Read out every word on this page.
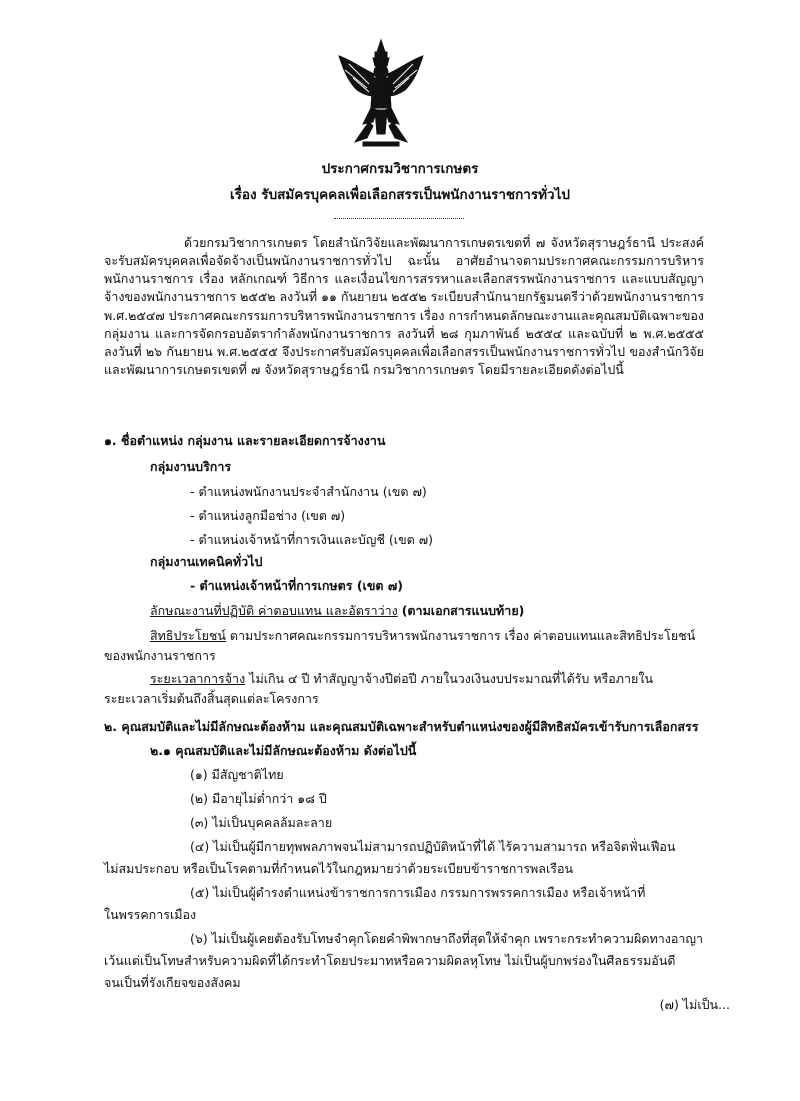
ประกาศกรมวิชาการเกษตร
เรื่อง รับสมัครบุคคลเพื่อเลือกสรรเป็นพนักงานราชการทั่วไป

ด้วยกรมวิชาการเกษตร โดยสำนักวิจัยและพัฒนาการเกษตรเขตที่ ๗ จังหวัดสุราษฎร์ธานี ประสงค์จะรับสมัครบุคคลเพื่อจัดจ้างเป็นพนักงานราชการทั่วไป ฉะนั้น อาศัยอำนาจตามประกาศคณะกรรมการบริหารพนักงานราชการ เรื่อง หลักเกณฑ์ วิธีการ และเงื่อนไขการสรรหาและเลือกสรรพนักงานราชการ และแบบสัญญาจ้างของพนักงานราชการ ๒๕๕๒ ลงวันที่ ๑๑ กันยายน ๒๕๕๒ ระเบียบสำนักนายกรัฐมนตรีว่าด้วยพนักงานราชการ พ.ศ.๒๕๔๗ ประกาศคณะกรรมการบริหารพนักงานราชการ เรื่อง การกำหนดลักษณะงานและคุณสมบัติเฉพาะของกลุ่มงาน และการจัดกรอบอัตรากำลังพนักงานราชการ ลงวันที่ ๒๘ กุมภาพันธ์ ๒๕๕๔ และฉบับที่ ๒ พ.ศ.๒๕๕๕ ลงวันที่ ๒๖ กันยายน พ.ศ.๒๕๕๕ จึงประกาศรับสมัครบุคคลเพื่อเลือกสรรเป็นพนักงานราชการทั่วไป ของสำนักวิจัยและพัฒนาการเกษตรเขตที่ ๗ จังหวัดสุราษฎร์ธานี กรมวิชาการเกษตร โดยมีรายละเอียดดังต่อไปนี้

๑. ชื่อตำแหน่ง กลุ่มงาน และรายละเอียดการจ้างงาน
กลุ่มงานบริการ
- ตำแหน่งพนักงานประจำสำนักงาน (เขต ๗)
- ตำแหน่งลูกมือช่าง (เขต ๗)
- ตำแหน่งเจ้าหน้าที่การเงินและบัญชี (เขต ๗)
กลุ่มงานเทคนิคทั่วไป
- ตำแหน่งเจ้าหน้าที่การเกษตร (เขต ๗)
ลักษณะงานที่ปฏิบัติ ค่าตอบแทน และอัตราว่าง (ตามเอกสารแนบท้าย)
สิทธิประโยชน์ ตามประกาศคณะกรรมการบริหารพนักงานราชการ เรื่อง ค่าตอบแทนและสิทธิประโยชน์
ของพนักงานราชการ
ระยะเวลาการจ้าง ไม่เกิน ๔ ปี ทำสัญญาจ้างปีต่อปี ภายในวงเงินงบประมาณที่ได้รับ หรือภายใน
ระยะเวลาเริ่มต้นถึงสิ้นสุดแต่ละโครงการ
๒. คุณสมบัติและไม่มีลักษณะต้องห้าม และคุณสมบัติเฉพาะสำหรับตำแหน่งของผู้มีสิทธิสมัครเข้ารับการเลือกสรร
๒.๑ คุณสมบัติและไม่มีลักษณะต้องห้าม ดังต่อไปนี้
(๑) มีสัญชาติไทย
(๒) มีอายุไม่ต่ำกว่า ๑๘ ปี
(๓) ไม่เป็นบุคคลล้มละลาย
(๔) ไม่เป็นผู้มีกายทุพพลภาพจนไม่สามารถปฏิบัติหน้าที่ได้ ไร้ความสามารถ หรือจิตฟั่นเฟือน
ไม่สมประกอบ หรือเป็นโรคตามที่กำหนดไว้ในกฎหมายว่าด้วยระเบียบข้าราชการพลเรือน
(๕) ไม่เป็นผู้ดำรงตำแหน่งข้าราชการการเมือง กรรมการพรรคการเมือง หรือเจ้าหน้าที่
ในพรรคการเมือง
(๖) ไม่เป็นผู้เคยต้องรับโทษจำคุกโดยคำพิพากษาถึงที่สุดให้จำคุก เพราะกระทำความผิดทางอาญา
เว้นแต่เป็นโทษสำหรับความผิดที่ได้กระทำโดยประมาทหรือความผิดลหุโทษ ไม่เป็นผู้บกพร่องในศีลธรรมอันดี
จนเป็นที่รังเกียจของสังคม
(๗) ไม่เป็น...
